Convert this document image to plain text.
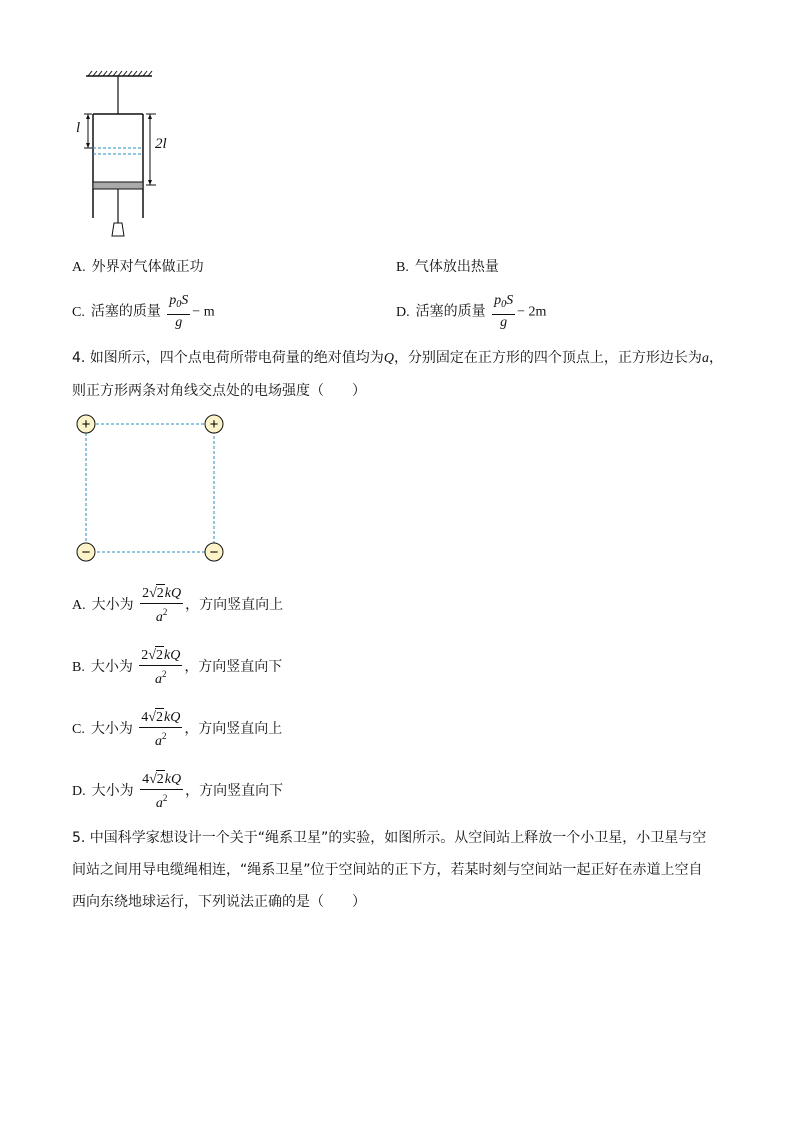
l
2l
A. 外界对气体做正功	B. 气体放出热量
C. 活塞的质量 $\frac{p_0S}{g} - m$	D. 活塞的质量 $\frac{p_0S}{g} - 2m$
4. 如图所示，四个点电荷所带电荷量的绝对值均为Q，分别固定在正方形的四个顶点上，正方形边长为a，
则正方形两条对角线交点处的电场强度（　　）
+	+
−	−
A. 大小为 $\frac{2√2kQ}{a^2}$ ，方向竖直向上
B. 大小为 $\frac{2√2kQ}{a^2}$ ，方向竖直向下
C. 大小为 $\frac{4√2kQ}{a^2}$ ，方向竖直向上
D. 大小为 $\frac{4√2kQ}{a^2}$ ，方向竖直向下
5. 中国科学家想设计一个关于“绳系卫星”的实验，如图所示。从空间站上释放一个小卫星，小卫星与空
间站之间用导电缆绳相连，“绳系卫星”位于空间站的正下方，若某时刻与空间站一起正好在赤道上空自
西向东绕地球运行，下列说法正确的是（　　）
